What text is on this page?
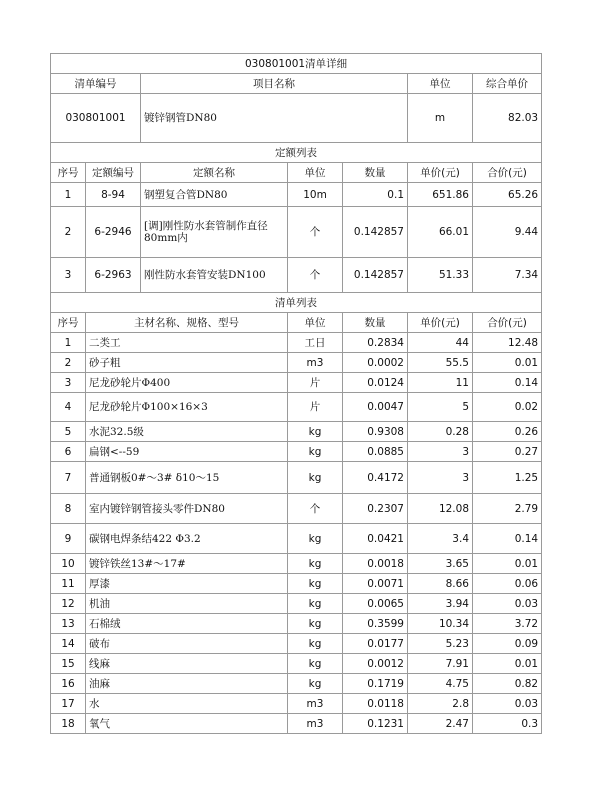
030801001清单详细						
清单编号		项目名称			单位	综合单价
030801001		镀锌钢管DN80			m	82.03
定额列表						
序号	定额编号	定额名称	单位	数量	单价(元)	合价(元)
1	8-94	钢塑复合管DN80	10m	0.1	651.86	65.26
2	6-2946	[调]刚性防水套管制作直径80mm内	个	0.142857	66.01	9.44
3	6-2963	刚性防水套管安装DN100	个	0.142857	51.33	7.34
清单列表						
序号	主材名称、规格、型号		单位	数量	单价(元)	合价(元)
1	二类工		工日	0.2834	44	12.48
2	砂子粗		m3	0.0002	55.5	0.01
3	尼龙砂轮片Φ400		片	0.0124	11	0.14
4	尼龙砂轮片Φ100×16×3		片	0.0047	5	0.02
5	水泥32.5级		kg	0.9308	0.28	0.26
6	扁钢<--59		kg	0.0885	3	0.27
7	普通钢板0#～3# δ10～15		kg	0.4172	3	1.25
8	室内镀锌钢管接头零件DN80		个	0.2307	12.08	2.79
9	碳钢电焊条结422 Φ3.2		kg	0.0421	3.4	0.14
10	镀锌铁丝13#～17#		kg	0.0018	3.65	0.01
11	厚漆		kg	0.0071	8.66	0.06
12	机油		kg	0.0065	3.94	0.03
13	石棉绒		kg	0.3599	10.34	3.72
14	破布		kg	0.0177	5.23	0.09
15	线麻		kg	0.0012	7.91	0.01
16	油麻		kg	0.1719	4.75	0.82
17	水		m3	0.0118	2.8	0.03
18	氧气		m3	0.1231	2.47	0.3
